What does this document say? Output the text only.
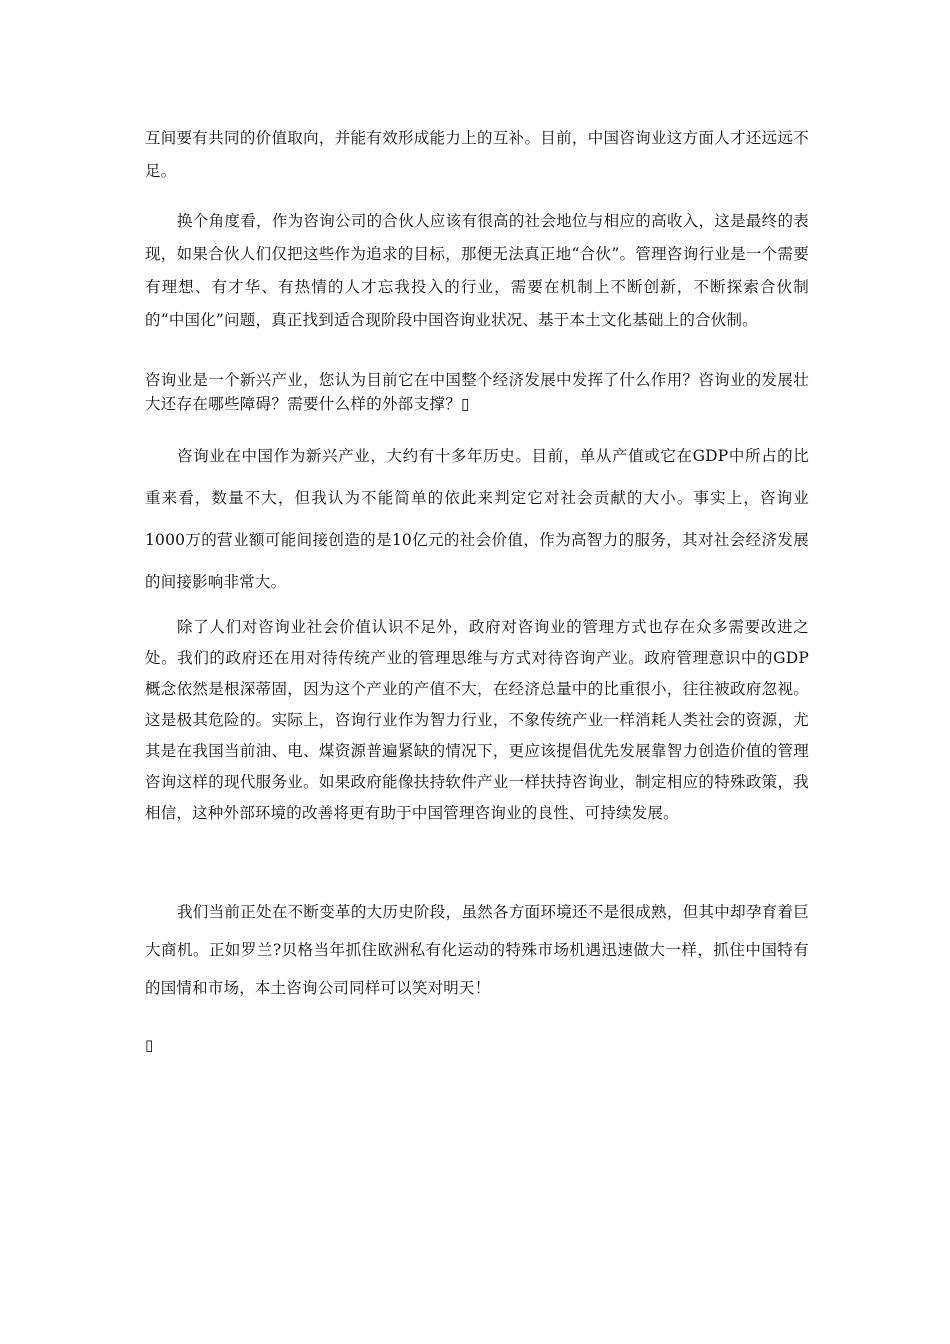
互间要有共同的价值取向，并能有效形成能力上的互补。目前，中国咨询业这方面人才还远远不足。

换个角度看，作为咨询公司的合伙人应该有很高的社会地位与相应的高收入，这是最终的表现，如果合伙人们仅把这些作为追求的目标，那便无法真正地“合伙”。管理咨询行业是一个需要有理想、有才华、有热情的人才忘我投入的行业，需要在机制上不断创新，不断探索合伙制的“中国化”问题，真正找到适合现阶段中国咨询业状况、基于本土文化基础上的合伙制。

咨询业是一个新兴产业，您认为目前它在中国整个经济发展中发挥了什么作用？咨询业的发展壮大还存在哪些障碍？需要什么样的外部支撑？▯

咨询业在中国作为新兴产业，大约有十多年历史。目前，单从产值或它在GDP中所占的比重来看，数量不大，但我认为不能简单的依此来判定它对社会贡献的大小。事实上，咨询业1000万的营业额可能间接创造的是10亿元的社会价值，作为高智力的服务，其对社会经济发展的间接影响非常大。

除了人们对咨询业社会价值认识不足外，政府对咨询业的管理方式也存在众多需要改进之处。我们的政府还在用对待传统产业的管理思维与方式对待咨询产业。政府管理意识中的GDP 概念依然是根深蒂固，因为这个产业的产值不大，在经济总量中的比重很小，往往被政府忽视。这是极其危险的。实际上，咨询行业作为智力行业，不象传统产业一样消耗人类社会的资源，尤其是在我国当前油、电、煤资源普遍紧缺的情况下，更应该提倡优先发展靠智力创造价值的管理咨询这样的现代服务业。如果政府能像扶持软件产业一样扶持咨询业，制定相应的特殊政策，我相信，这种外部环境的改善将更有助于中国管理咨询业的良性、可持续发展。

我们当前正处在不断变革的大历史阶段，虽然各方面环境还不是很成熟，但其中却孕育着巨大商机。正如罗兰?贝格当年抓住欧洲私有化运动的特殊市场机遇迅速做大一样，抓住中国特有的国情和市场，本土咨询公司同样可以笑对明天！

▯
